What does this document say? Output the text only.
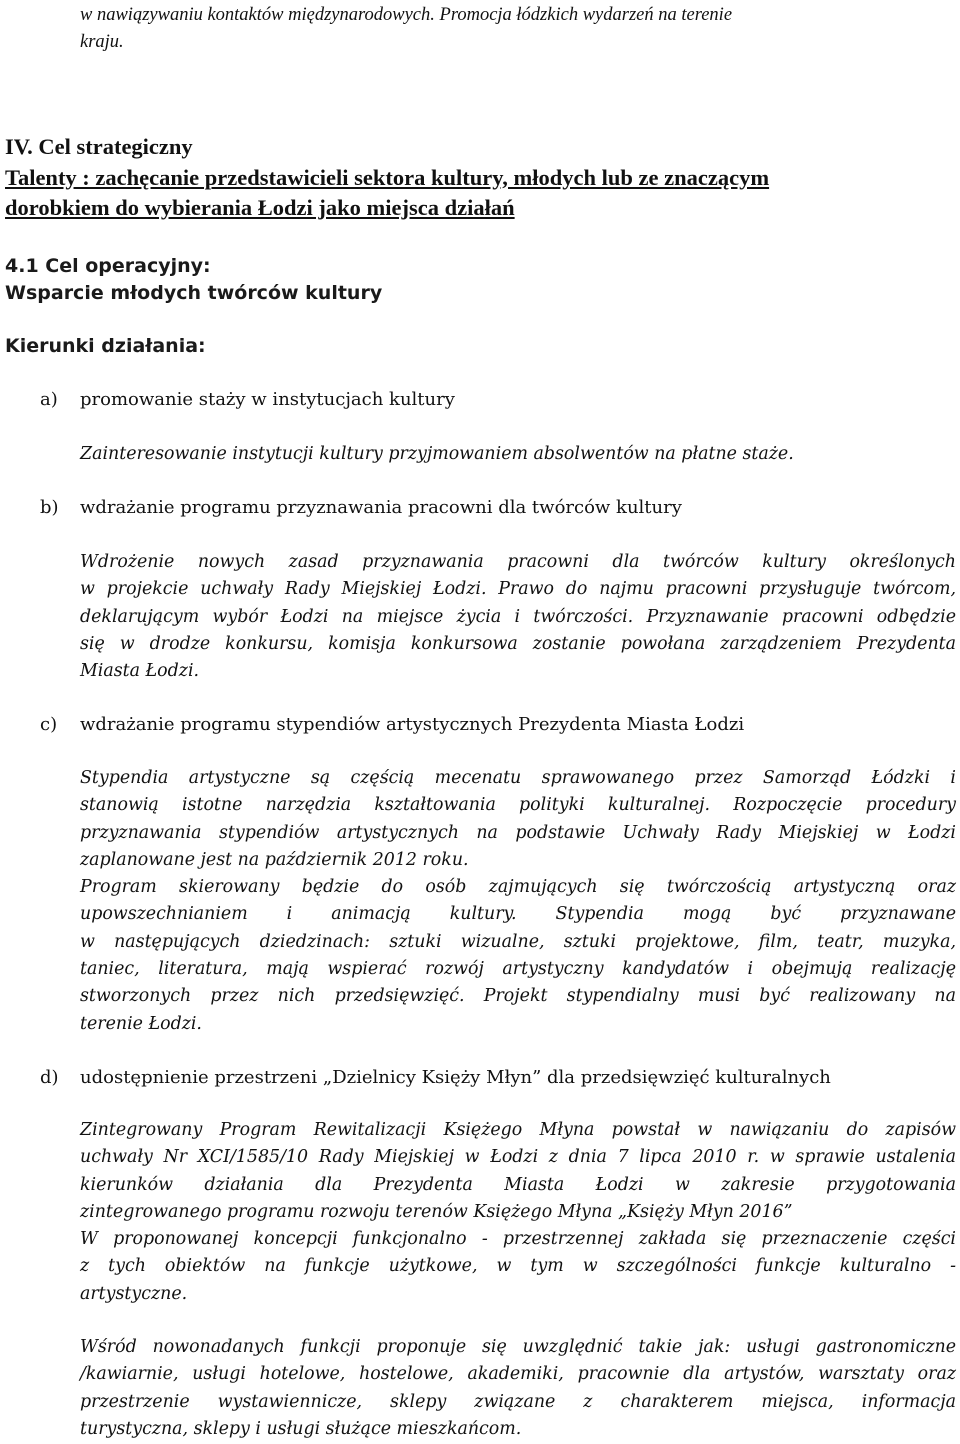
w nawiązywaniu kontaktów międzynarodowych. Promocja łódzkich wydarzeń na terenie
kraju.
IV. Cel strategiczny
Talenty : zachęcanie przedstawicieli sektora kultury, młodych lub ze znaczącym
dorobkiem do wybierania Łodzi jako miejsca działań
4.1 Cel operacyjny:
Wsparcie młodych twórców kultury
Kierunki działania:
a) promowanie staży w instytucjach kultury

Zainteresowanie instytucji kultury przyjmowaniem absolwentów na płatne staże.

b) wdrażanie programu przyznawania pracowni dla twórców kultury

Wdrożenie nowych zasad przyznawania pracowni dla twórców kultury określonych

w projekcie uchwały Rady Miejskiej Łodzi. Prawo do najmu pracowni przysługuje twórcom,

deklarującym wybór Łodzi na miejsce życia i twórczości. Przyznawanie pracowni odbędzie

się w drodze konkursu, komisja konkursowa zostanie powołana zarządzeniem Prezydenta

Miasta Łodzi.

c) wdrażanie programu stypendiów artystycznych Prezydenta Miasta Łodzi

Stypendia artystyczne są częścią mecenatu sprawowanego przez Samorząd Łódzki i

stanowią istotne narzędzia kształtowania polityki kulturalnej. Rozpoczęcie procedury

przyznawania stypendiów artystycznych na podstawie Uchwały Rady Miejskiej w Łodzi

zaplanowane jest na październik 2012 roku.

Program skierowany będzie do osób zajmujących się twórczością artystyczną oraz

upowszechnianiem i animacją kultury. Stypendia mogą być przyznawane

w następujących dziedzinach: sztuki wizualne, sztuki projektowe, film, teatr, muzyka,

taniec, literatura, mają wspierać rozwój artystyczny kandydatów i obejmują realizację

stworzonych przez nich przedsięwzięć. Projekt stypendialny musi być realizowany na

terenie Łodzi.

d) udostępnienie przestrzeni „Dzielnicy Księży Młyn” dla przedsięwzięć kulturalnych

Zintegrowany Program Rewitalizacji Księżego Młyna powstał w nawiązaniu do zapisów

uchwały Nr XCI/1585/10 Rady Miejskiej w Łodzi z dnia 7 lipca 2010 r. w sprawie ustalenia

kierunków działania dla Prezydenta Miasta Łodzi w zakresie przygotowania

zintegrowanego programu rozwoju terenów Księżego Młyna „Księży Młyn 2016”

W proponowanej koncepcji funkcjonalno - przestrzennej zakłada się przeznaczenie części

z tych obiektów na funkcje użytkowe, w tym w szczególności funkcje kulturalno -

artystyczne.

Wśród nowonadanych funkcji proponuje się uwzględnić takie jak: usługi gastronomiczne

/kawiarnie, usługi hotelowe, hostelowe, akademiki, pracownie dla artystów, warsztaty oraz

przestrzenie wystawiennicze, sklepy związane z charakterem miejsca, informacja

turystyczna, sklepy i usługi służące mieszkańcom.
